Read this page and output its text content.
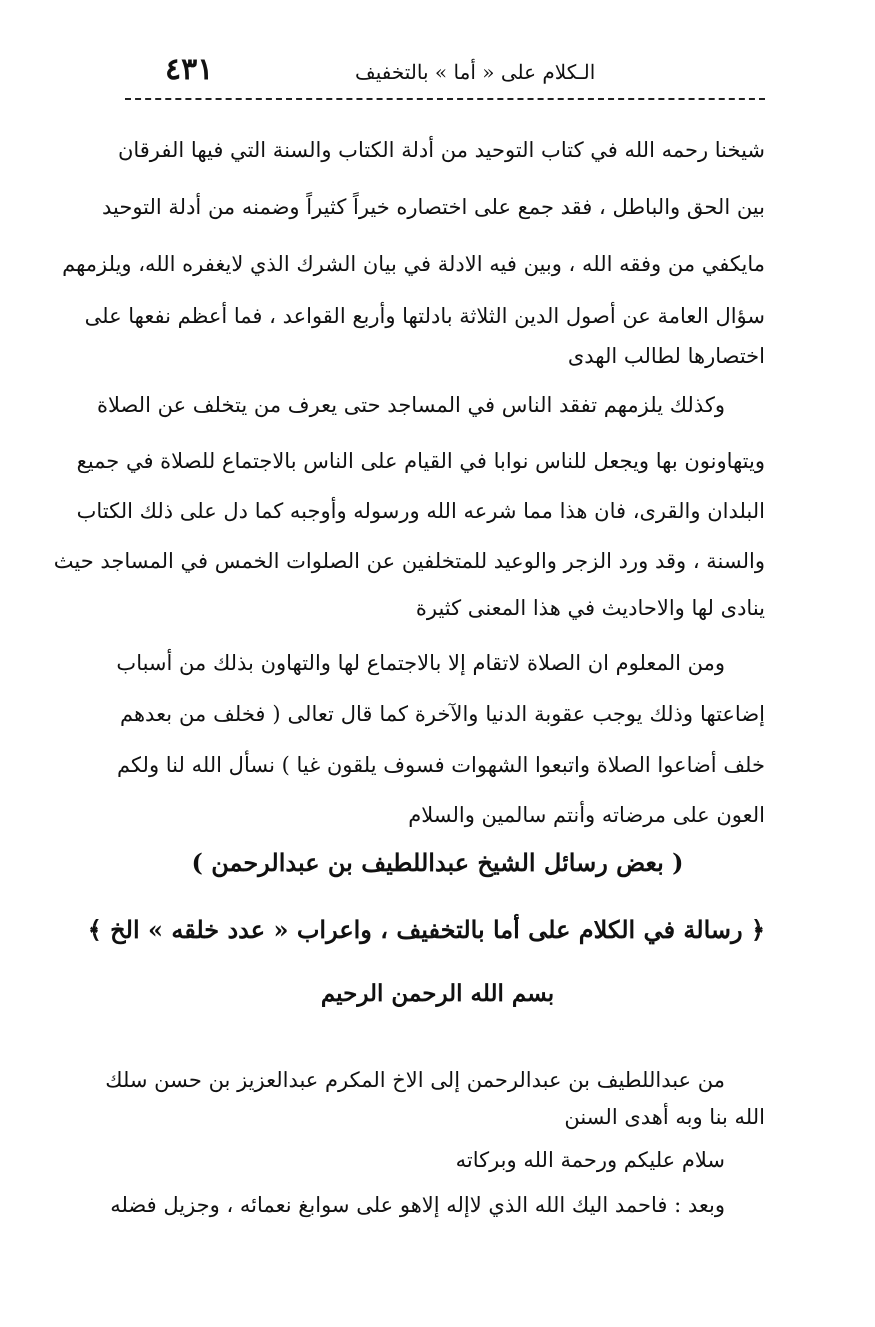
٤٣١	الـكلام على « أما » بالتخفيف
شيخنا رحمه الله في كتاب التوحيد من أدلة الكتاب والسنة التي فيها الفرقان
بين الحق والباطل ، فقد جمع على اختصاره خيراً كثيراً وضمنه من أدلة التوحيد
مايكفي من وفقه الله ، وبين فيه الادلة في بيان الشرك الذي لايغفره الله، ويلزمهم
سؤال العامة عن أصول الدين الثلاثة بادلتها وأربع القواعد ، فما أعظم نفعها على
اختصارها لطالب الهدى
وكذلك يلزمهم تفقد الناس في المساجد حتى يعرف من يتخلف عن الصلاة
ويتهاونون بها ويجعل للناس نوابا في القيام على الناس بالاجتماع للصلاة في جميع
البلدان والقرى، فان هذا مما شرعه الله ورسوله وأوجبه كما دل على ذلك الكتاب
والسنة ، وقد ورد الزجر والوعيد للمتخلفين عن الصلوات الخمس في المساجد حيث
ينادى لها والاحاديث في هذا المعنى كثيرة
ومن المعلوم ان الصلاة لاتقام إلا بالاجتماع لها والتهاون بذلك من أسباب
إضاعتها وذلك يوجب عقوبة الدنيا والآخرة كما قال تعالى ( فخلف من بعدهم
خلف أضاعوا الصلاة واتبعوا الشهوات فسوف يلقون غيا ) نسأل الله لنا ولكم
العون على مرضاته وأنتم سالمين والسلام
( بعض رسائل الشيخ عبداللطيف بن عبدالرحمن )
﴿ رسالة في الكلام على أما بالتخفيف ، واعراب « عدد خلقه » الخ ﴾
بسم الله الرحمن الرحيم
من عبداللطيف بن عبدالرحمن إلى الاخ المكرم عبدالعزيز بن حسن سلك
الله بنا وبه أهدى السنن
سلام عليكم ورحمة الله وبركاته
وبعد : فاحمد اليك الله الذي لاإله إلاهو على سوابغ نعمائه ، وجزيل فضله
